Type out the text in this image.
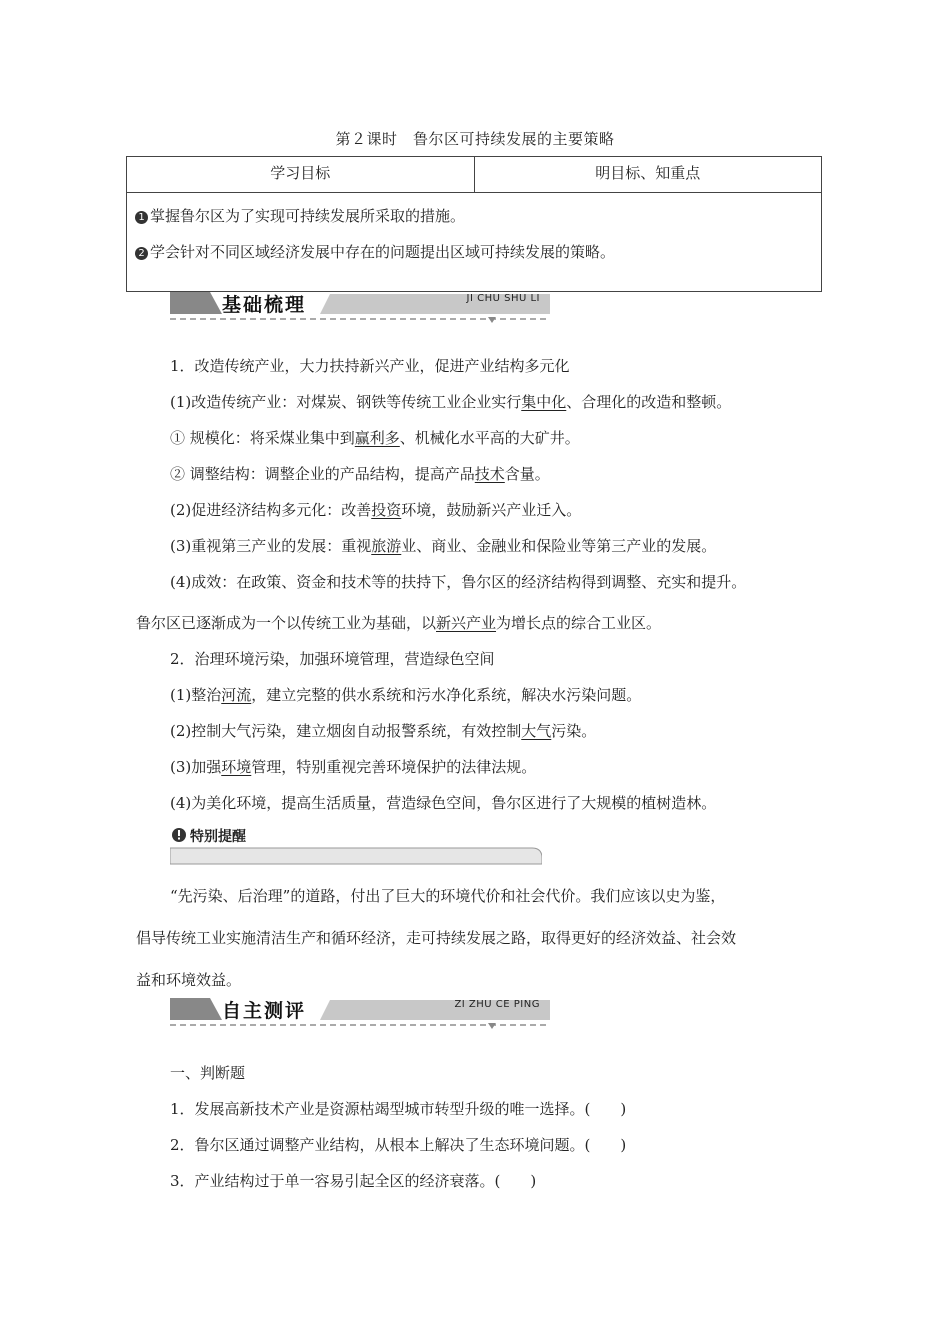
第２课时　鲁尔区可持续发展的主要策略
学习目标	明目标、知重点
1 掌握鲁尔区为了实现可持续发展所采取的措施。
2 学会针对不同区域经济发展中存在的问题提出区域可持续发展的策略。
基础梳理	JI CHU SHU LI
1．改造传统产业，大力扶持新兴产业，促进产业结构多元化
(1)改造传统产业：对煤炭、钢铁等传统工业企业实行集中化、合理化的改造和整顿。
① 规模化：将采煤业集中到赢利多、机械化水平高的大矿井。
② 调整结构：调整企业的产品结构，提高产品技术含量。
(2)促进经济结构多元化：改善投资环境，鼓励新兴产业迁入。
(3)重视第三产业的发展：重视旅游业、商业、金融业和保险业等第三产业的发展。
(4)成效：在政策、资金和技术等的扶持下，鲁尔区的经济结构得到调整、充实和提升。
鲁尔区已逐渐成为一个以传统工业为基础，以新兴产业为增长点的综合工业区。
2．治理环境污染，加强环境管理，营造绿色空间
(1)整治河流，建立完整的供水系统和污水净化系统，解决水污染问题。
(2)控制大气污染，建立烟囱自动报警系统，有效控制大气污染。
(3)加强环境管理，特别重视完善环境保护的法律法规。
(4)为美化环境，提高生活质量，营造绿色空间，鲁尔区进行了大规模的植树造林。
特别提醒
“先污染、后治理”的道路，付出了巨大的环境代价和社会代价。我们应该以史为鉴，
倡导传统工业实施清洁生产和循环经济，走可持续发展之路，取得更好的经济效益、社会效
益和环境效益。
自主测评	ZI ZHU CE PING
一、判断题
1．发展高新技术产业是资源枯竭型城市转型升级的唯一选择。(　　)
2．鲁尔区通过调整产业结构，从根本上解决了生态环境问题。(　　)
3．产业结构过于单一容易引起全区的经济衰落。(　　)
